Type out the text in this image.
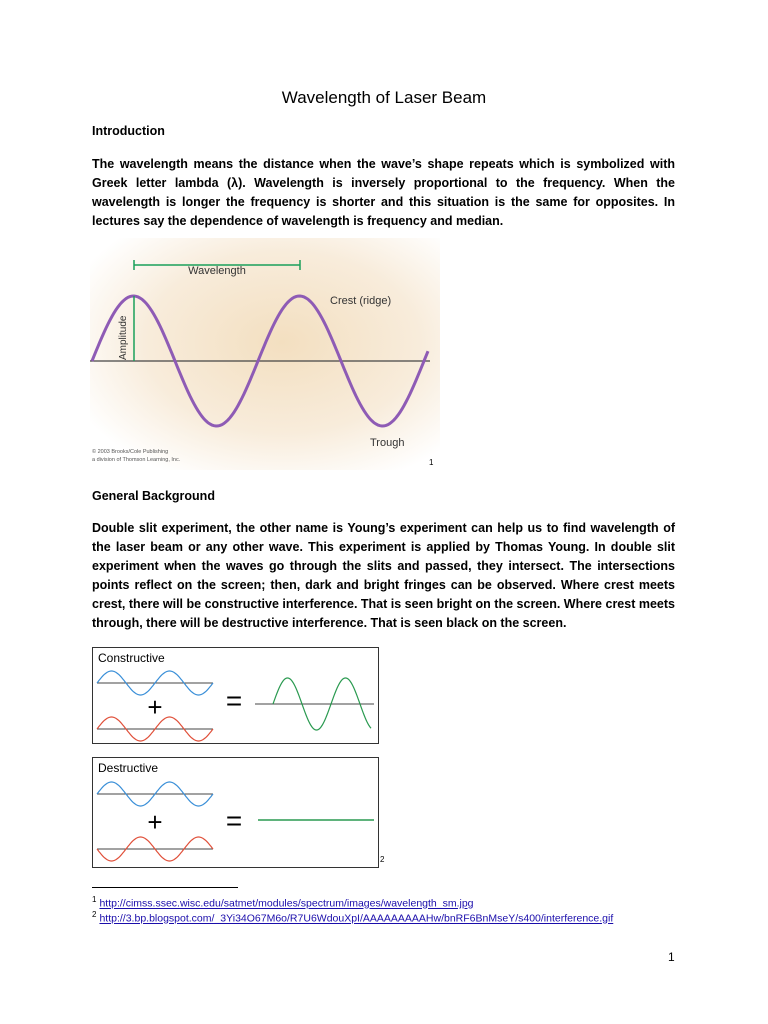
Wavelength of Laser Beam
Introduction

The wavelength means the distance when the wave’s shape repeats which is symbolized with Greek letter lambda (λ). Wavelength is inversely proportional to the frequency. When the wavelength is longer the frequency is shorter and this situation is the same for opposites. In lectures say the dependence of wavelength is frequency and median.

Wavelength
Amplitude
Crest (ridge)
Trough
© 2003 Brooks/Cole Publishing
a division of Thomson Learning, Inc.	1
General Background

Double slit experiment, the other name is Young’s experiment can help us to find wavelength of the laser beam or any other wave. This experiment is applied by Thomas Young. In double slit experiment when the waves go through the slits and passed, they intersect. The intersections points reflect on the screen; then, dark and bright fringes can be observed. Where crest meets crest, there will be constructive interference. That is seen bright on the screen. Where crest meets through, there will be destructive interference. That is seen black on the screen.

Constructive
+ =
Destructive
+ =
2
$^1$ http://cimss.ssec.wisc.edu/satmet/modules/spectrum/images/wavelength_sm.jpg
$^2$ http://3.bp.blogspot.com/_3Yi34O67M6o/R7U6WdouXpI/AAAAAAAAAHw/bnRF6BnMseY/s400/interference.gif
1
